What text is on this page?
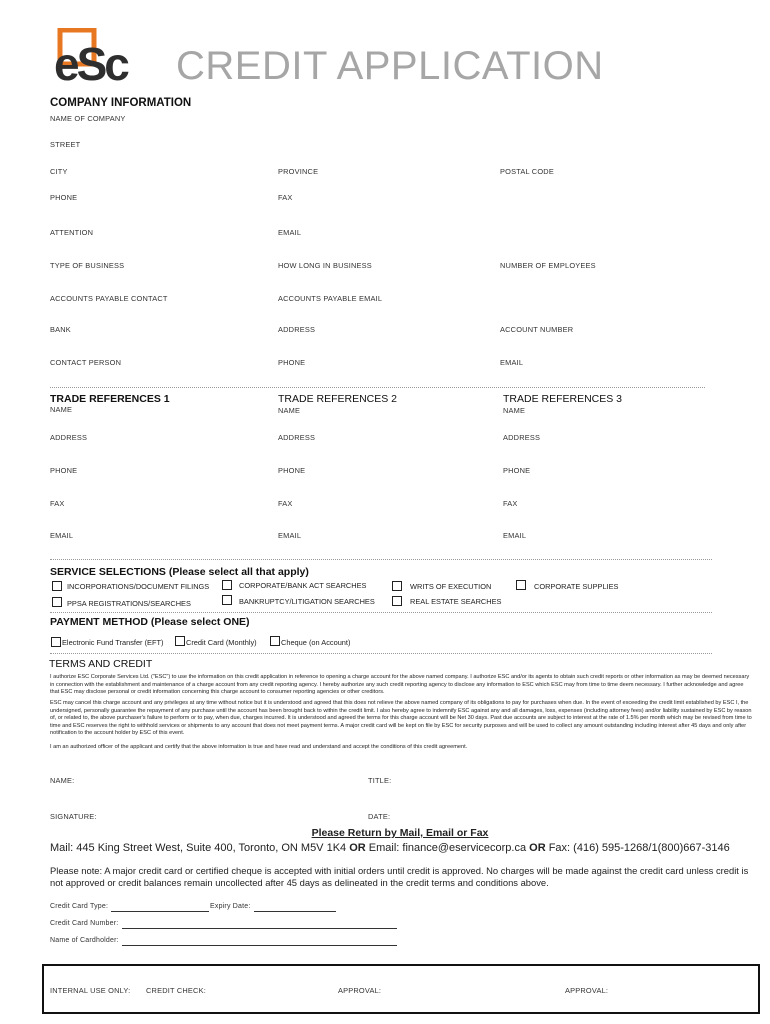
eSc CREDIT APPLICATION
COMPANY INFORMATION
NAME OF COMPANY
STREET
CITY	PROVINCE	POSTAL CODE
PHONE	FAX
ATTENTION	EMAIL
TYPE OF BUSINESS	HOW LONG IN BUSINESS	NUMBER OF EMPLOYEES
ACCOUNTS PAYABLE CONTACT	ACCOUNTS PAYABLE EMAIL
BANK	ADDRESS	ACCOUNT NUMBER
CONTACT PERSON	PHONE	EMAIL
TRADE REFERENCES 1	TRADE REFERENCES 2	TRADE REFERENCES 3
NAME	NAME	NAME
ADDRESS	ADDRESS	ADDRESS
PHONE	PHONE	PHONE
FAX	FAX	FAX
EMAIL	EMAIL	EMAIL
SERVICE SELECTIONS (Please select all that apply)
INCORPORATIONS/DOCUMENT FILINGS	CORPORATE/BANK ACT SEARCHES	WRITS OF EXECUTION	CORPORATE SUPPLIES
PPSA REGISTRATIONS/SEARCHES	BANKRUPTCY/LITIGATION SEARCHES	REAL ESTATE SEARCHES
PAYMENT METHOD (Please select ONE)
Electronic Fund Transfer (EFT)	Credit Card (Monthly)	Cheque (on Account)
TERMS AND CREDIT
I authorize ESC Corporate Services Ltd. ("ESC") to use the information on this credit application in reference to opening a charge account for the above named company. I authorize ESC and/or its agents to obtain such credit reports or other information as may be deemed necessary in connection with the establishment and maintenance of a charge account from any credit reporting agency. I hereby authorize any such credit reporting agency to disclose any information to ESC which ESC may from time to time deem necessary. I further acknowledge and agree that ESC may disclose personal or credit information concerning this charge account to consumer reporting agencies or other creditors.
ESC may cancel this charge account and any privileges at any time without notice but it is understood and agreed that this does not relieve the above named company of its obligations to pay for purchases when due. In the event of exceeding the credit limit established by ESC I, the undersigned, personally guarantee the repayment of any purchase until the account has been brought back to within the credit limit. I also hereby agree to indemnify ESC against any and all damages, loss, expenses (including attorney fees) and/or liability sustained by ESC by reason of, or related to, the above purchaser's failure to perform or to pay, when due, charges incurred. It is understood and agreed the terms for this charge account will be Net 30 days. Past due accounts are subject to interest at the rate of 1.5% per month which may be revised from time to time and ESC reserves the right to withhold services or shipments to any account that does not meet payment terms. A major credit card will be kept on file by ESC for security purposes and will be used to collect any amount outstanding including interest after 45 days and only after notification to the account holder by ESC of this event.
I am an authorized officer of the applicant and certify that the above information is true and have read and understand and accept the conditions of this credit agreement.
NAME:	TITLE:
SIGNATURE:	DATE:
Please Return by Mail, Email or Fax
Mail: 445 King Street West, Suite 400, Toronto, ON M5V 1K4 OR Email: finance@eservicecorp.ca OR Fax: (416) 595-1268/1(800)667-3146
Please note: A major credit card or certified cheque is accepted with initial orders until credit is approved. No charges will be made against the credit card unless credit is not approved or credit balances remain uncollected after 45 days as delineated in the credit terms and conditions above.
Credit Card Type:	Expiry Date:
Credit Card Number:
Name of Cardholder:
INTERNAL USE ONLY: CREDIT CHECK:	APPROVAL:	APPROVAL:
